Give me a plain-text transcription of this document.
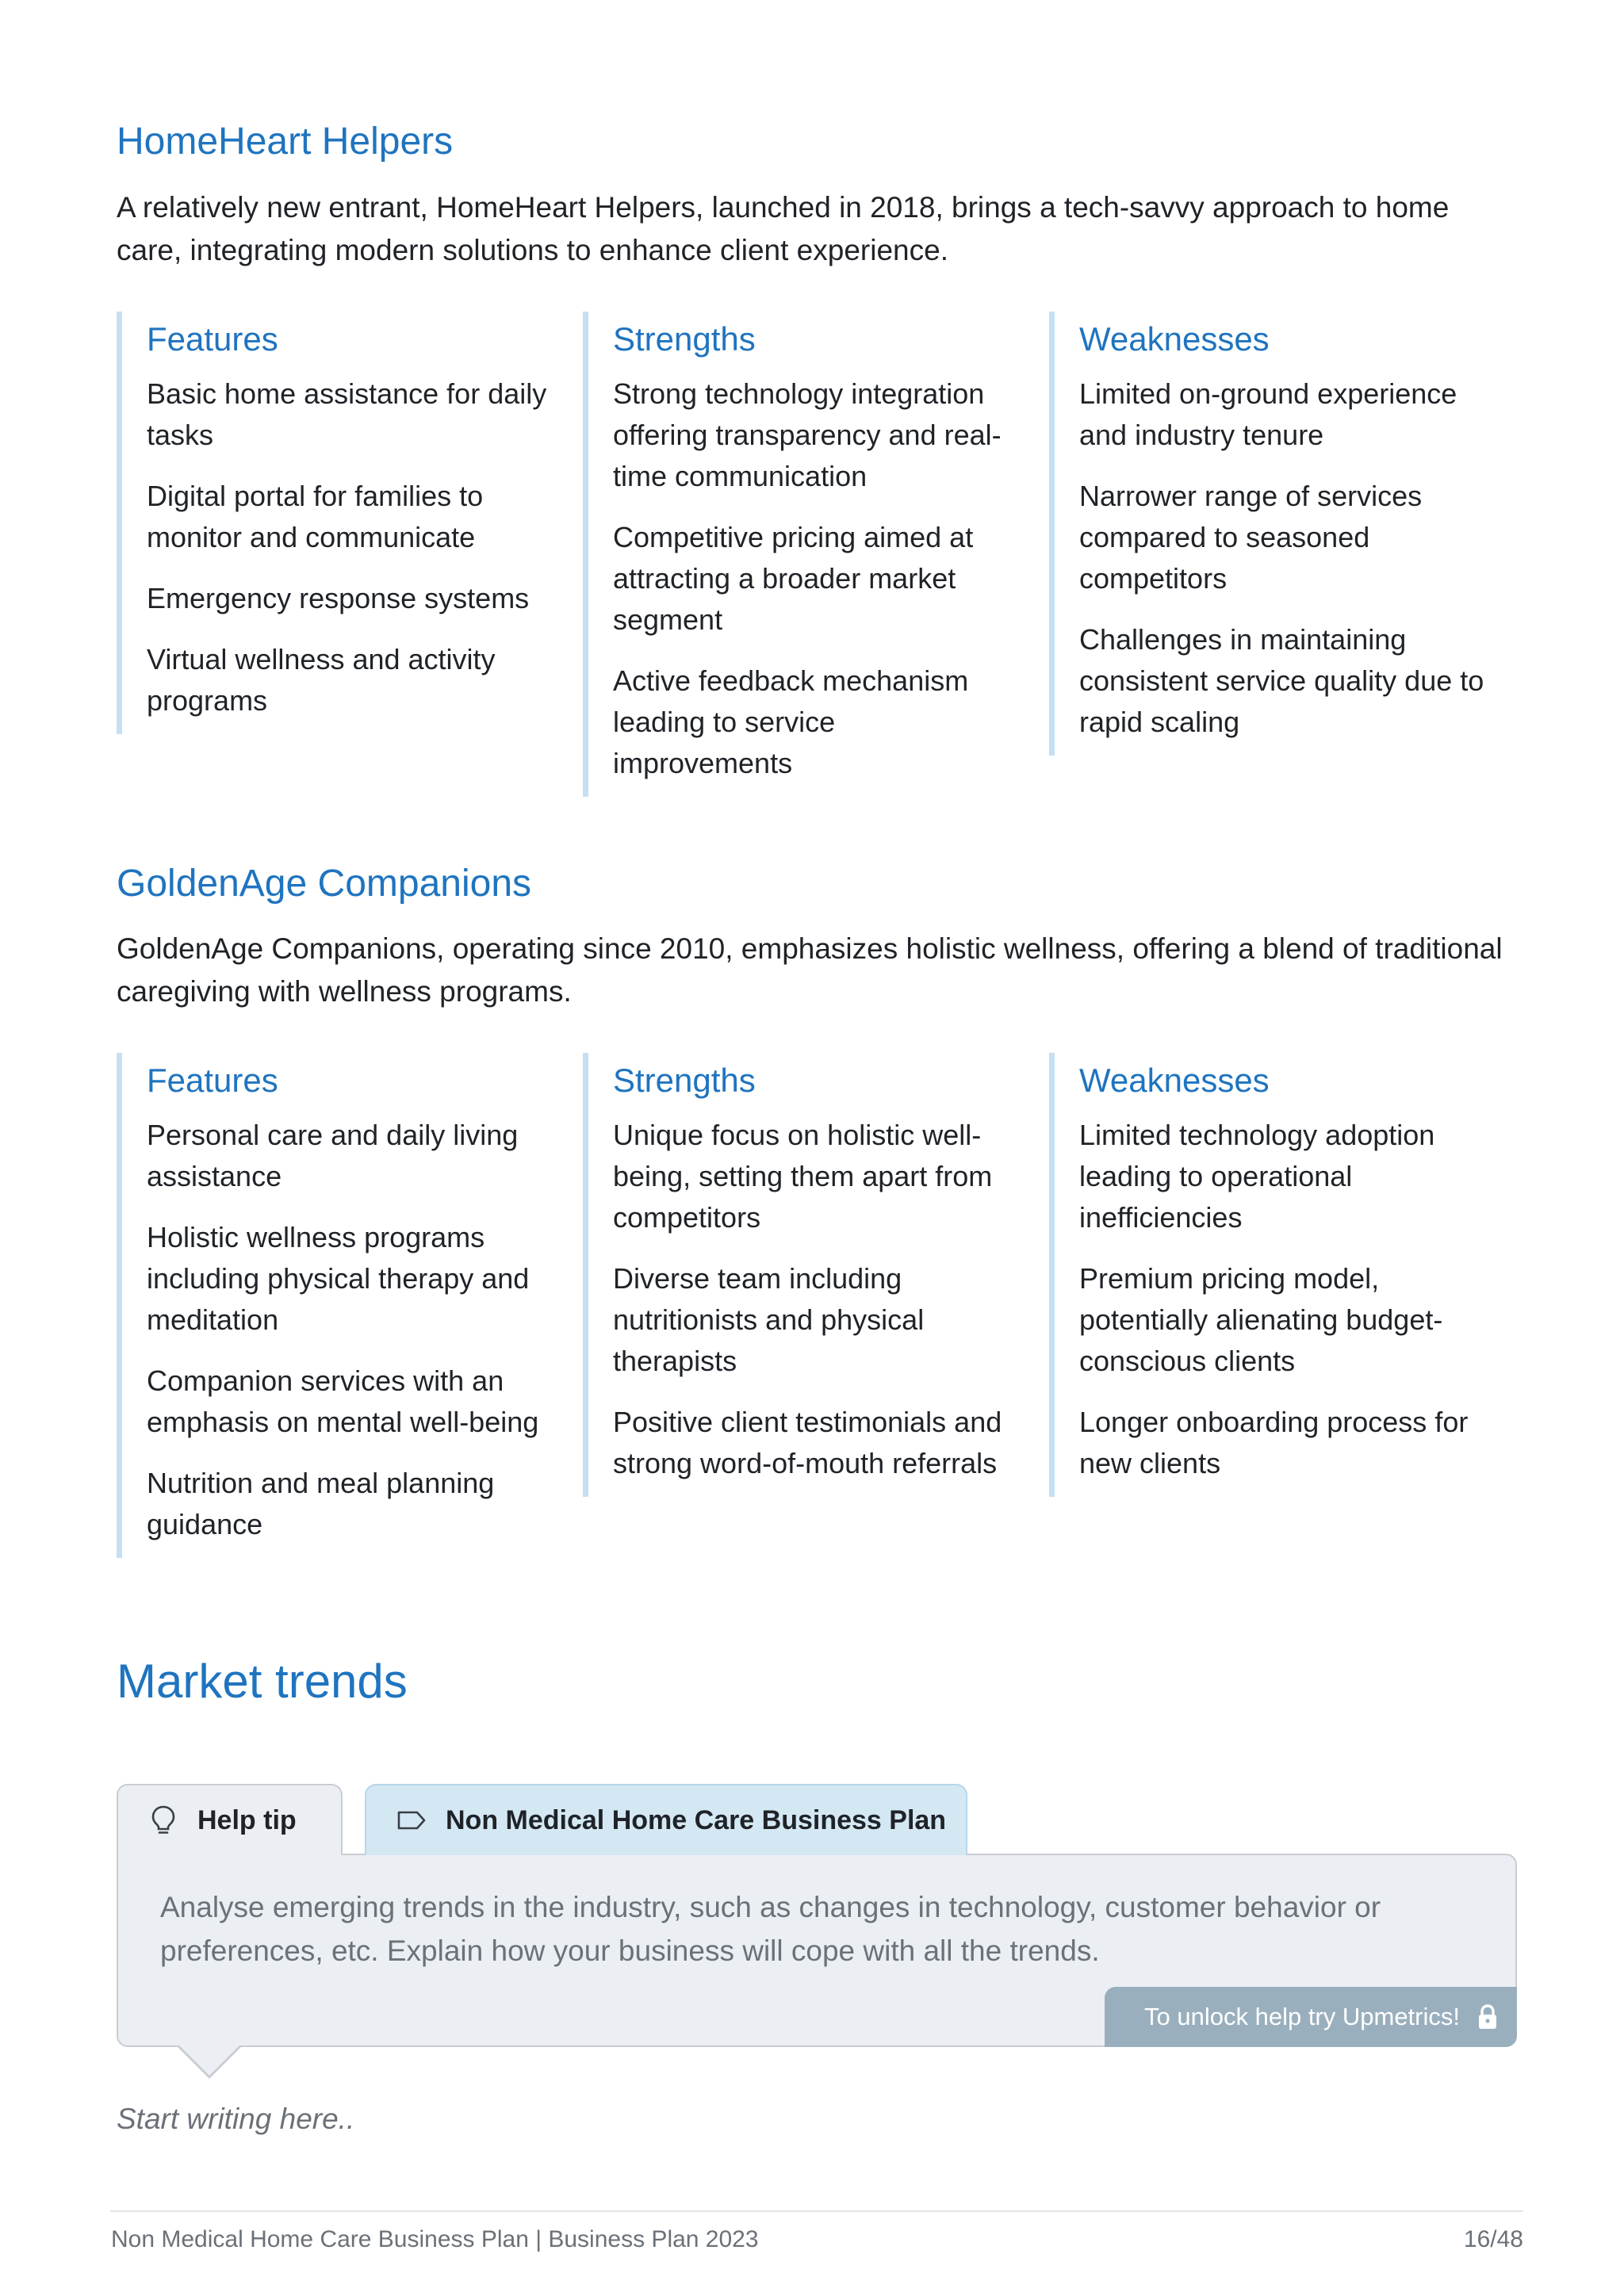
HomeHeart Helpers

A relatively new entrant, HomeHeart Helpers, launched in 2018, brings a tech-savvy approach to home care, integrating modern solutions to enhance client experience.

Features
Basic home assistance for daily tasks
Digital portal for families to monitor and communicate
Emergency response systems
Virtual wellness and activity programs
Strengths
Strong technology integration offering transparency and real-time communication
Competitive pricing aimed at attracting a broader market segment
Active feedback mechanism leading to service improvements
Weaknesses
Limited on-ground experience and industry tenure
Narrower range of services compared to seasoned competitors
Challenges in maintaining consistent service quality due to rapid scaling
GoldenAge Companions

GoldenAge Companions, operating since 2010, emphasizes holistic wellness, offering a blend of traditional caregiving with wellness programs.

Features
Personal care and daily living assistance
Holistic wellness programs including physical therapy and meditation
Companion services with an emphasis on mental well-being
Nutrition and meal planning guidance
Strengths
Unique focus on holistic well-being, setting them apart from competitors
Diverse team including nutritionists and physical therapists
Positive client testimonials and strong word-of-mouth referrals
Weaknesses
Limited technology adoption leading to operational inefficiencies
Premium pricing model, potentially alienating budget-conscious clients
Longer onboarding process for new clients
Market trends
Help tip	Non Medical Home Care Business Plan

Analyse emerging trends in the industry, such as changes in technology, customer behavior or preferences, etc. Explain how your business will cope with all the trends.

To unlock help try Upmetrics!

Start writing here..

Non Medical Home Care Business Plan | Business Plan 2023	16/48
